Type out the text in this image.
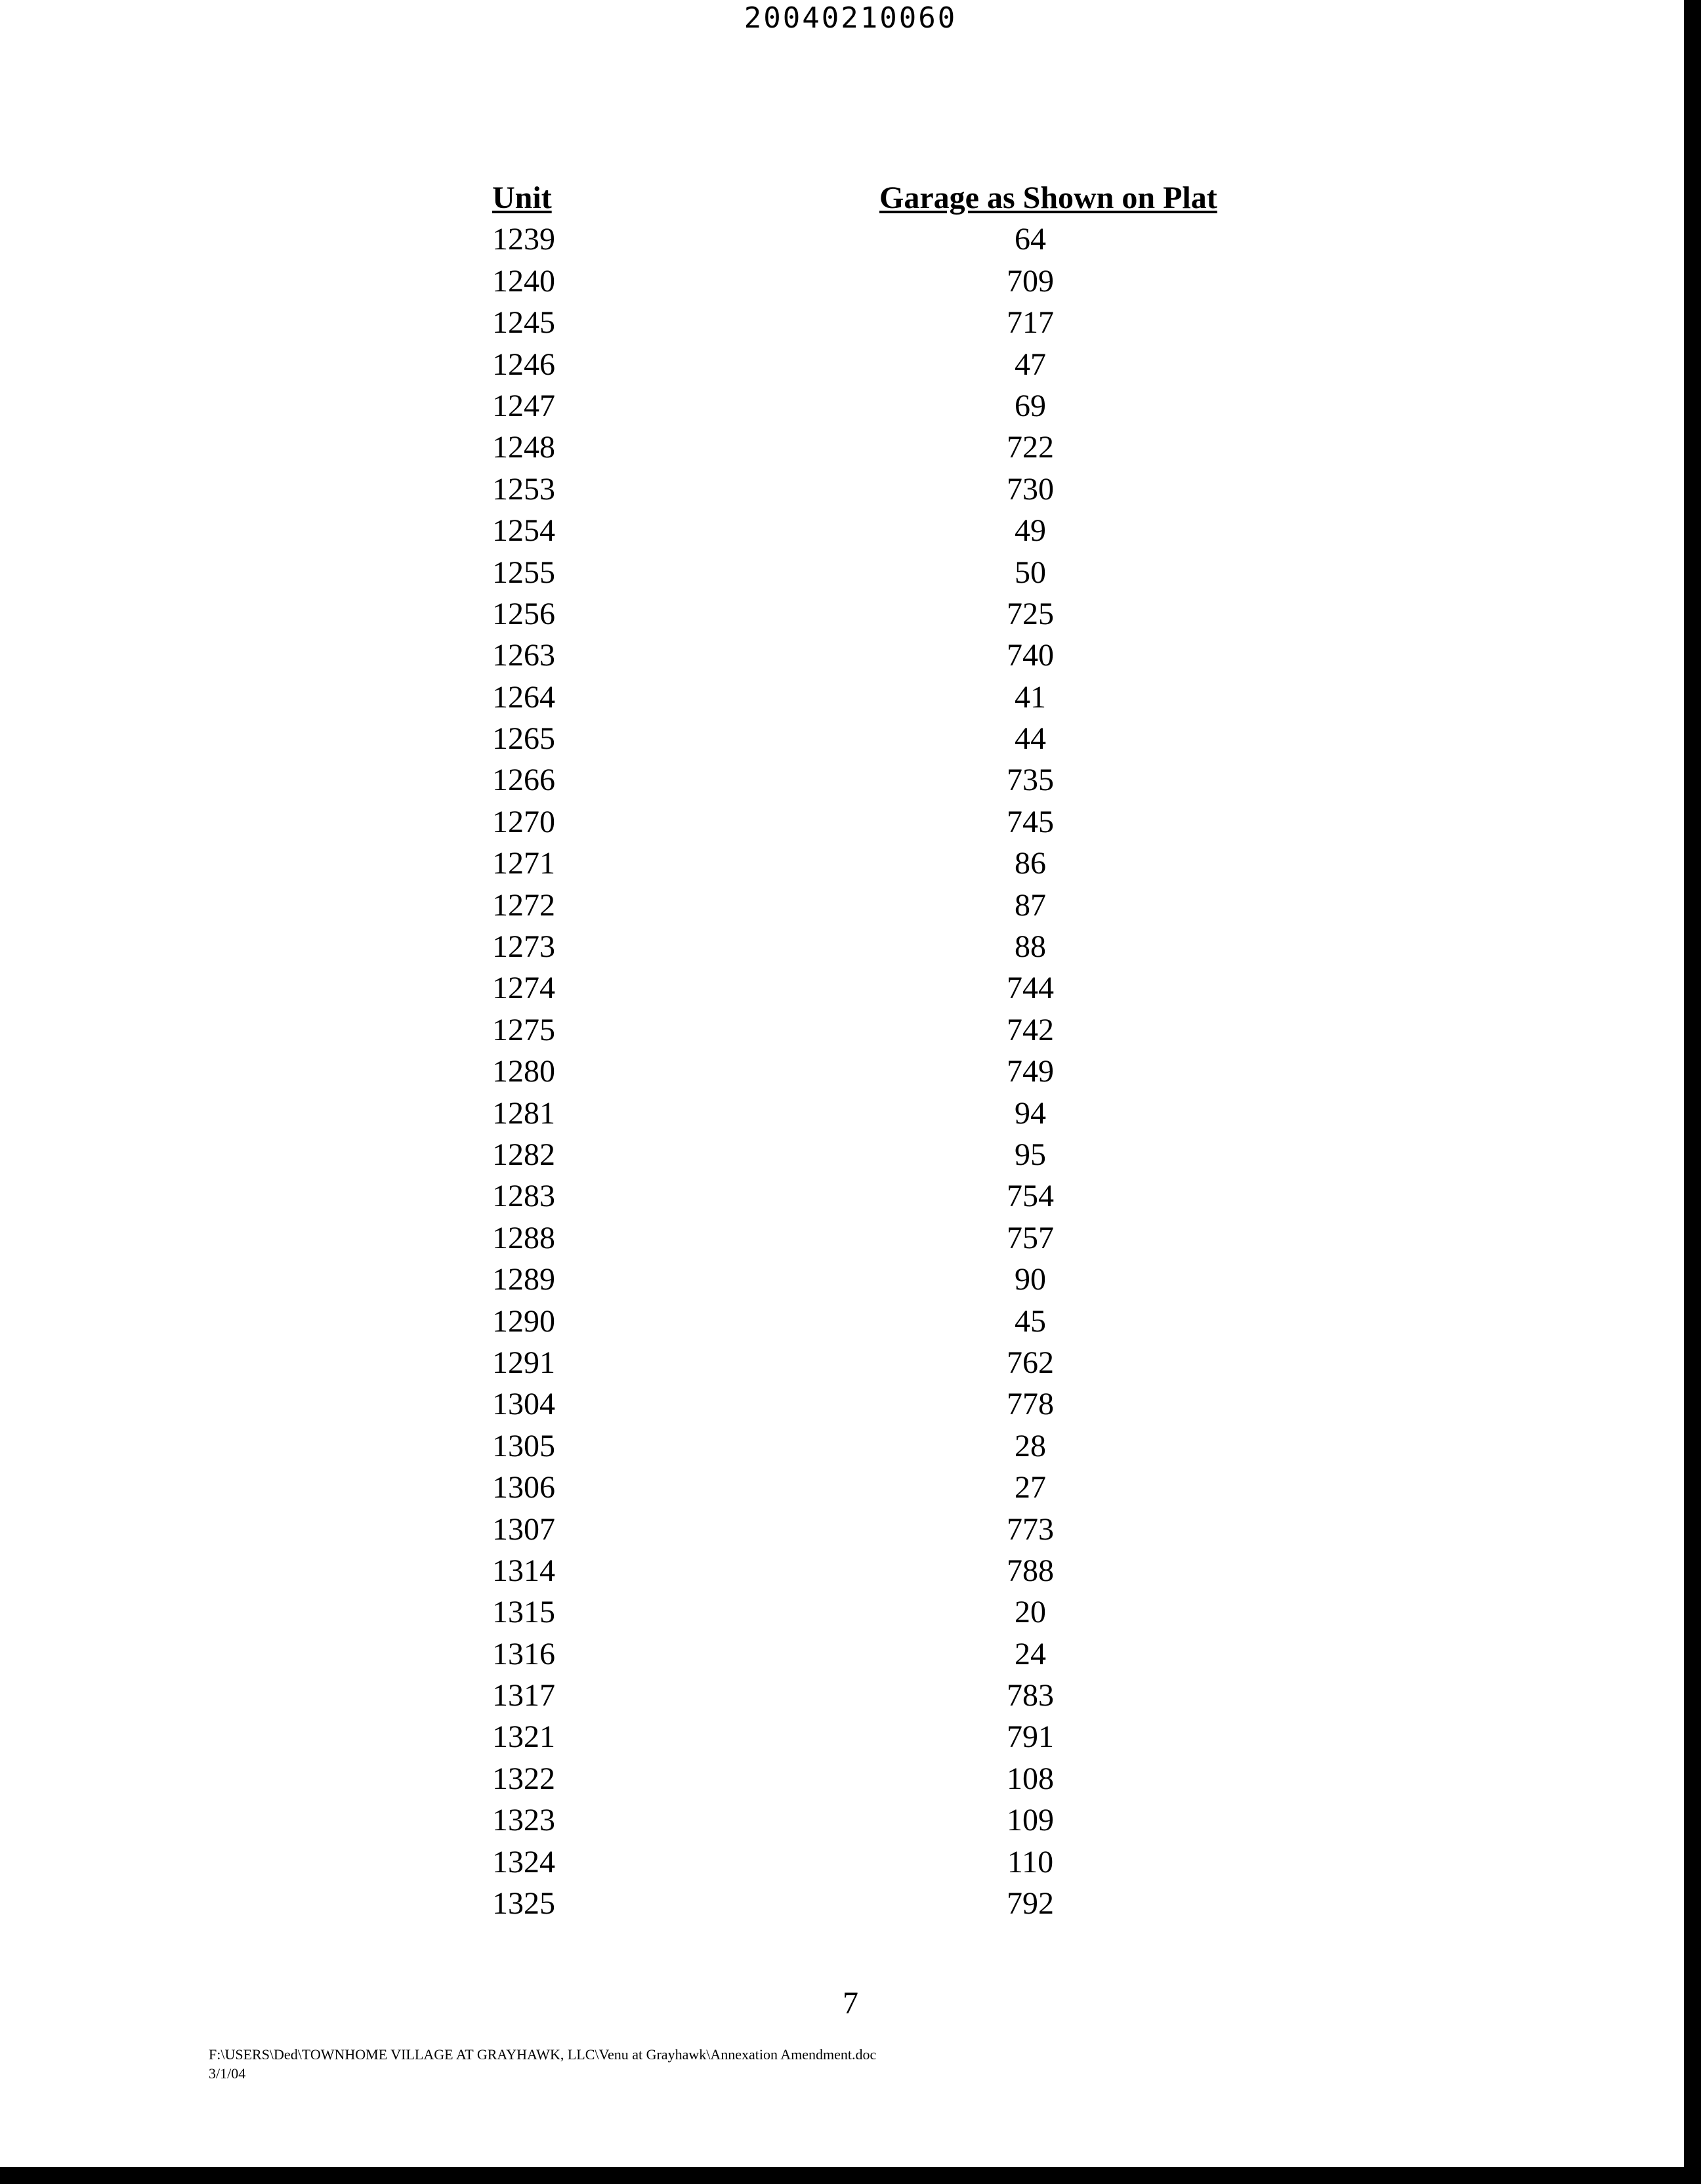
20040210060
Unit	Garage as Shown on Plat
1239	64
1240	709
1245	717
1246	47
1247	69
1248	722
1253	730
1254	49
1255	50
1256	725
1263	740
1264	41
1265	44
1266	735
1270	745
1271	86
1272	87
1273	88
1274	744
1275	742
1280	749
1281	94
1282	95
1283	754
1288	757
1289	90
1290	45
1291	762
1304	778
1305	28
1306	27
1307	773
1314	788
1315	20
1316	24
1317	783
1321	791
1322	108
1323	109
1324	110
1325	792
7
F:\USERS\Ded\TOWNHOME VILLAGE AT GRAYHAWK, LLC\Venu at Grayhawk\Annexation Amendment.doc
3/1/04
